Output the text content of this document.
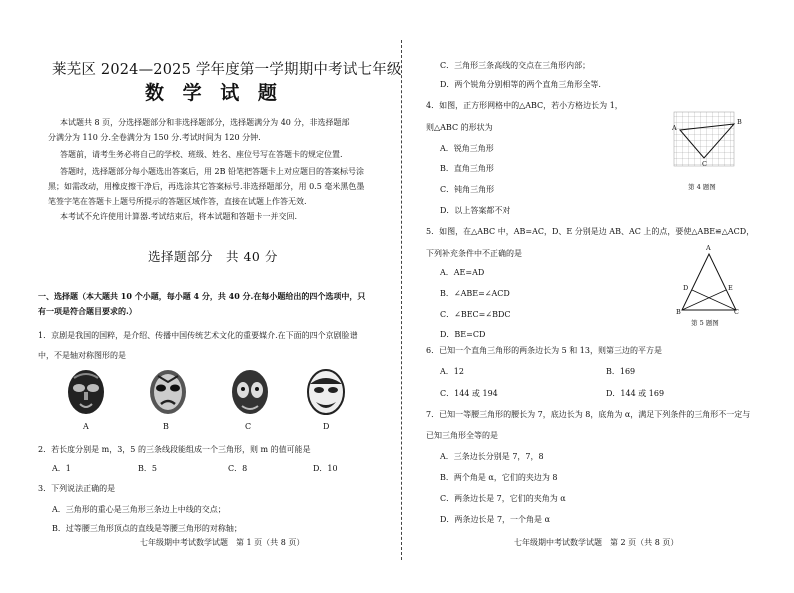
莱芜区 2024—2025 学年度第一学期期中考试七年级
数 学 试 题
本试题共 8 页，分选择题部分和非选择题部分，选择题满分为 40 分，非选择题部
分满分为 110 分.全卷满分为 150 分.考试时间为 120 分钟.
答题前，请考生务必将自己的学校、班级、姓名、座位号写在答题卡的规定位置.
答题时，选择题部分每小题选出答案后，用 2B 铅笔把答题卡上对应题目的答案标号涂
黑；如需改动，用橡皮擦干净后，再选涂其它答案标号.非选择题部分，用 0.5 毫米黑色墨
笔签字笔在答题卡上题号所提示的答题区域作答，直接在试题上作答无效.
本考试不允许使用计算器.考试结束后，将本试题和答题卡一并交回.
选择题部分　共 40 分
一、选择题（本大题共 10 个小题，每小题 4 分，共 40 分.在每小题给出的四个选项中，只
有一项是符合题目要求的.）
1．京剧是我国的国粹，是介绍、传播中国传统艺术文化的重要媒介.在下面的四个京剧脸谱
中，不是轴对称图形的是
A	B	C	D
2．若长度分别是 m，3，5 的三条线段能组成一个三角形，则 m 的值可能是
A．1	B．5	C．8	D．10
3．下列说法正确的是
A．三角形的重心是三角形三条边上中线的交点；
B．过等腰三角形顶点的直线是等腰三角形的对称轴；
七年级期中考试数学试题　第 1 页（共 8 页）
C．三角形三条高线的交点在三角形内部；
D．两个锐角分别相等的两个直角三角形全等.
4．如图，正方形网格中的△ABC，若小方格边长为 1，
则△ABC 的形状为
A．锐角三角形
B．直角三角形
C．钝角三角形
D．以上答案都不对
A
B
C
第 4 题图
5．如图，在△ABC 中，AB=AC，D、E 分别是边 AB、AC 上的点，要使△ABE≌△ACD，
下列补充条件中不正确的是
A．AE=AD
B．∠ABE=∠ACD
C．∠BEC=∠BDC
D．BE=CD
A
D	E
B	C
第 5 题图
6．已知一个直角三角形的两条边长为 5 和 13，则第三边的平方是
A．12	B．169
C．144 或 194	D．144 或 169
7．已知一等腰三角形的腰长为 7，底边长为 8，底角为 α，满足下列条件的三角形不一定与
已知三角形全等的是
A．三条边长分别是 7，7，8
B．两个角是 α，它们的夹边为 8
C．两条边长是 7，它们的夹角为 α
D．两条边长是 7，一个角是 α
七年级期中考试数学试题　第 2 页（共 8 页）
